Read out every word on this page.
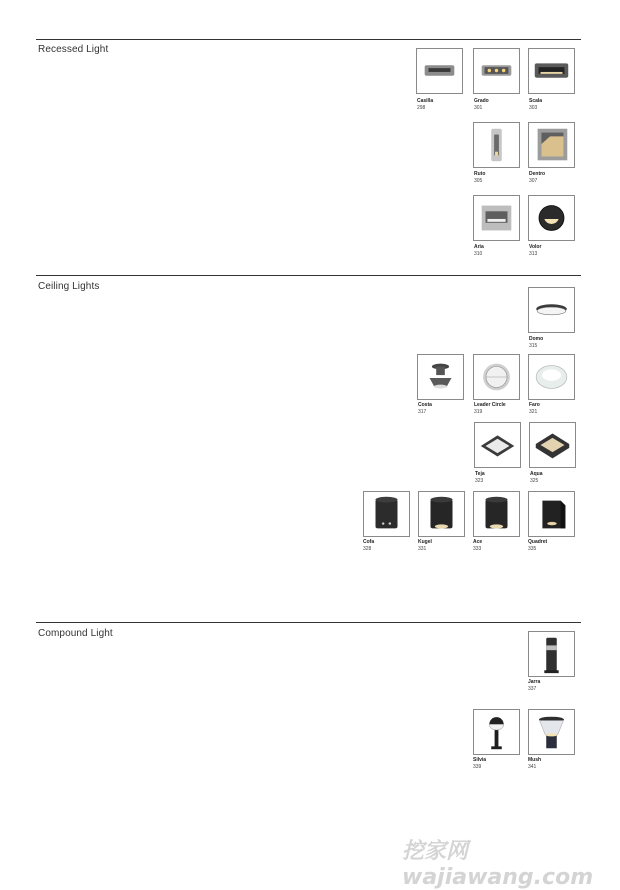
Recessed Light
Ceiling Lights
Compound Light
Casilla
298
Grado
301
Scala
303
Ruto
305
Dentro
307
Aria
310
Volor
313
Domo
315
Costa
317
Leader Circle
319
Faro
321
Teja
323
Aqua
325
Cofa
328
Kugel
331
Ace
333
Quadret
335
Jarra
337
Silvia
339
Mush
341
挖家网 wajiawang.com
